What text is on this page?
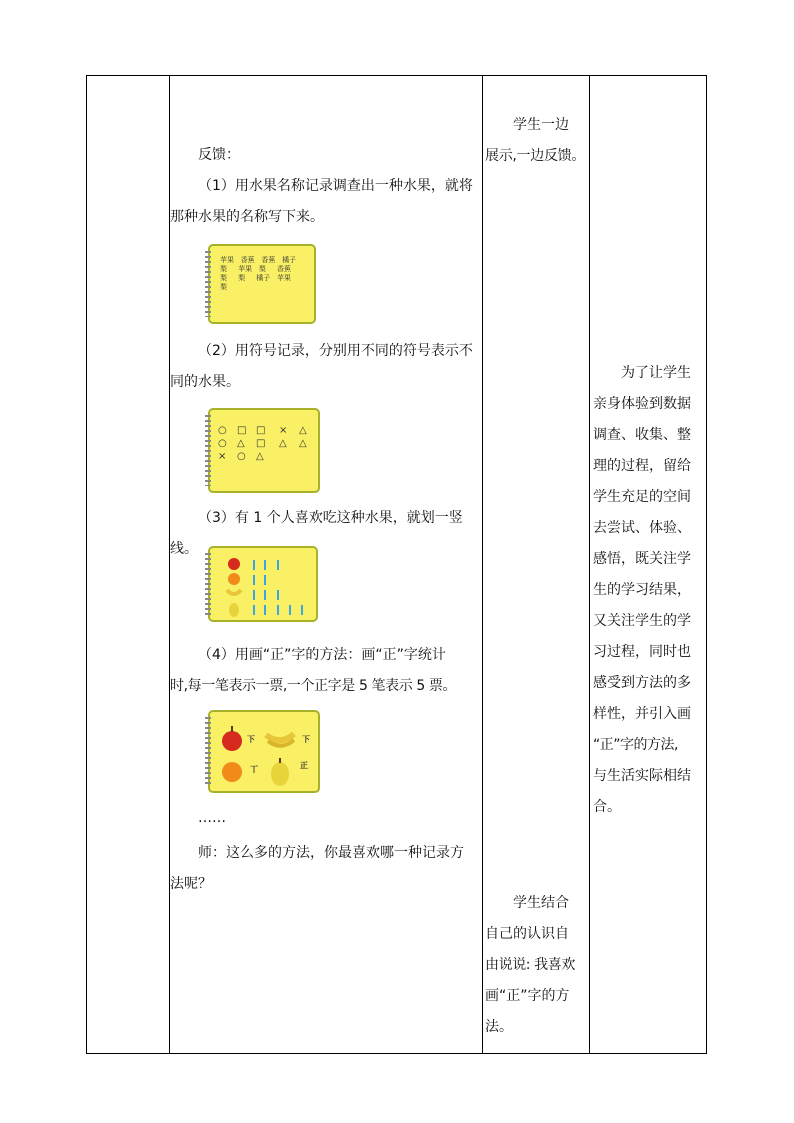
反馈：
（1）用水果名称记录调查出一种水果，就将
那种水果的名称写下来。
苹果 香蕉 香蕉 橘子
梨 苹果 梨 香蕉
梨 梨 橘子 苹果
梨
（2）用符号记录，分别用不同的符号表示不
同的水果。
○ □ □ × △
○ △ □ △ △
× ○ △
（3）有 1 个人喜欢吃这种水果，就划一竖线。
（4）用画“正”字的方法：画“正”字统计
时,每一笔表示一票,一个正字是 5 笔表示 5 票。
下	下
丅	正
……
师：这么多的方法，你最喜欢哪一种记录方
法呢？
学生一边
展示,一边反馈。
学生结合
自己的认识自
由说说: 我喜欢
画“正”字的方
法。
为了让学生
亲身体验到数据
调查、收集、整
理的过程，留给
学生充足的空间
去尝试、体验、
感悟，既关注学
生的学习结果，
又关注学生的学
习过程，同时也
感受到方法的多
样性，并引入画
“正”字的方法,
与生活实际相结
合。
